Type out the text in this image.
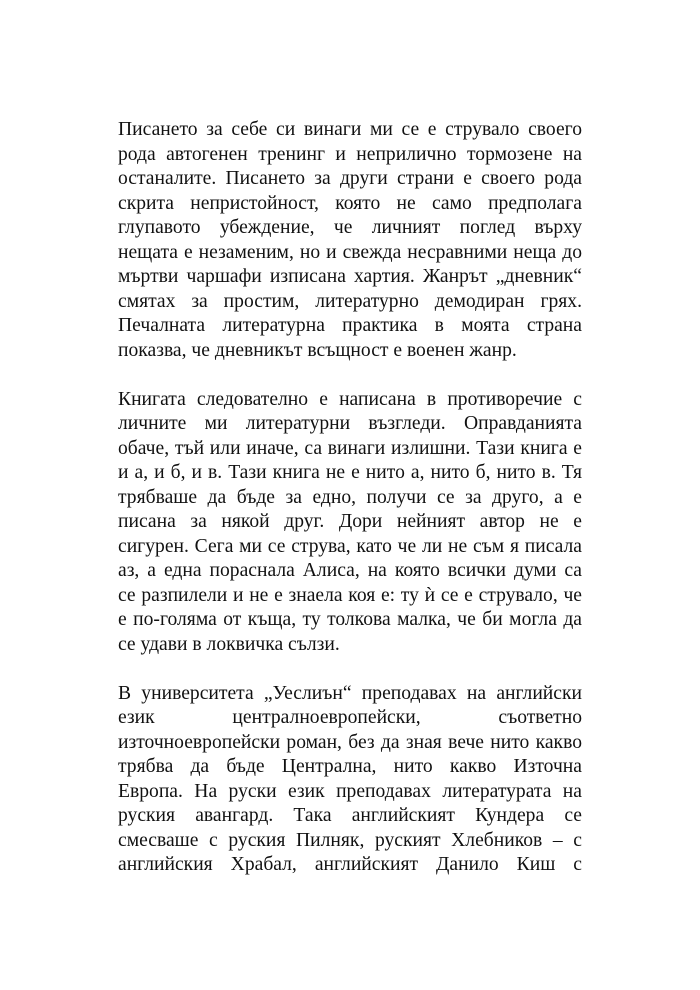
Писането за себе си винаги ми се е струвало своего
рода автогенен тренинг и неприлично тормозене на
останалите. Писането за други страни е своего рода
скрита непристойност, която не само предполага
глупавото убеждение, че личният поглед върху
нещата е незаменим, но и свежда несравними неща до
мъртви чаршафи изписана хартия. Жанрът „дневник“
смятах за простим, литературно демодиран грях.
Печалната литературна практика в моята страна
показва, че дневникът всъщност е военен жанр.

Книгата следователно е написана в противоречие с
личните ми литературни възгледи. Оправданията
обаче, тъй или иначе, са винаги излишни. Тази книга е
и а, и б, и в. Тази книга не е нито а, нито б, нито в. Тя
трябваше да бъде за едно, получи се за друго, а е
писана за някой друг. Дори нейният автор не е
сигурен. Сега ми се струва, като че ли не съм я писала
аз, а една пораснала Алиса, на която всички думи са
се разпилели и не е знаела коя е: ту ѝ се е струвало, че
е по-голяма от къща, ту толкова малка, че би могла да
се удави в локвичка сълзи.

В университета „Уеслиън“ преподавах на английски
език централноевропейски, съответно
източноевропейски роман, без да зная вече нито какво
трябва да бъде Централна, нито какво Източна
Европа. На руски език преподавах литературата на
руския авангард. Така английският Кундера се
смесваше с руския Пилняк, руският Хлебников – с
английския Храбал, английският Данило Киш с
